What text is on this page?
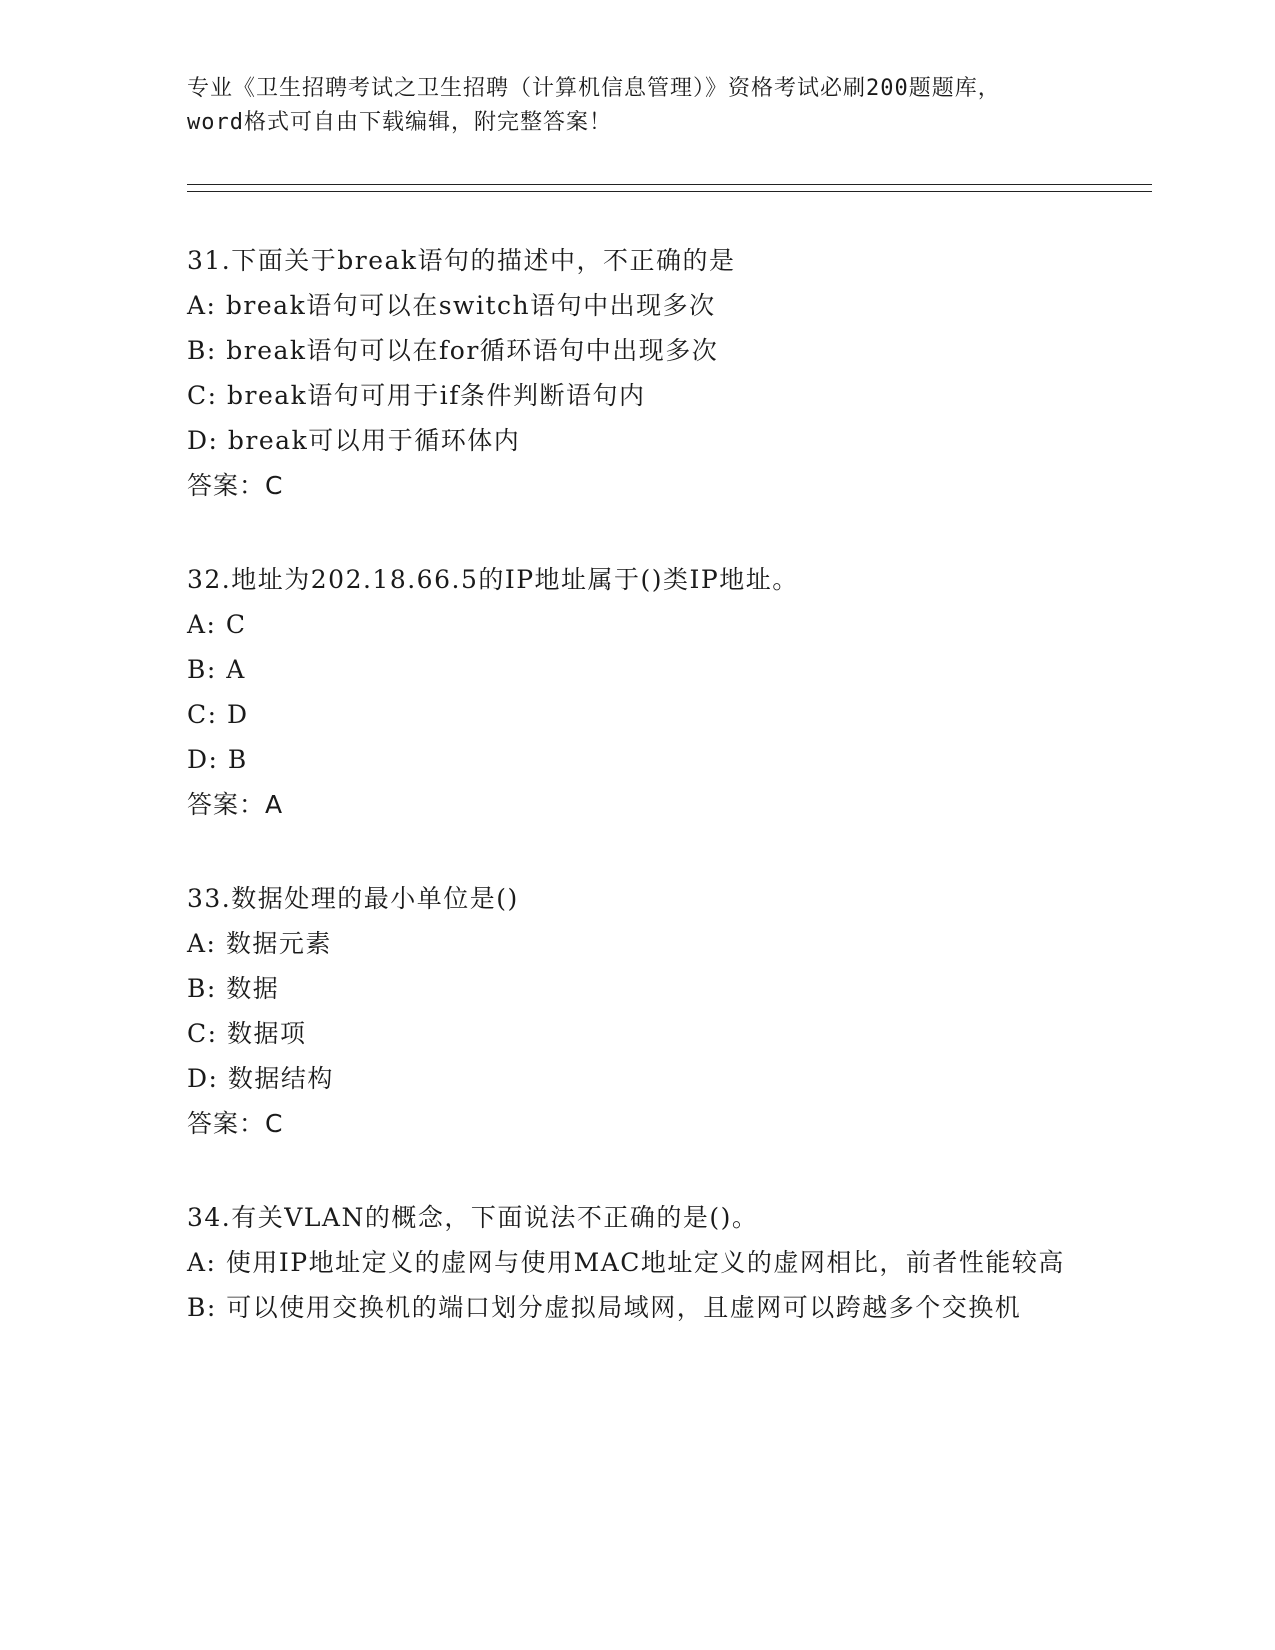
专业《卫生招聘考试之卫生招聘（计算机信息管理）》资格考试必刷200题题库，
word格式可自由下载编辑，附完整答案！

31.下面关于break语句的描述中，不正确的是

A: break语句可以在switch语句中出现多次

B: break语句可以在for循环语句中出现多次

C: break语句可用于if条件判断语句内

D: break可以用于循环体内

答案：C

32.地址为202.18.66.5的IP地址属于()类IP地址。

A: C

B: A

C: D

D: B

答案：A

33.数据处理的最小单位是()

A: 数据元素

B: 数据

C: 数据项

D: 数据结构

答案：C

34.有关VLAN的概念，下面说法不正确的是()。

A: 使用IP地址定义的虚网与使用MAC地址定义的虚网相比，前者性能较高

B: 可以使用交换机的端口划分虚拟局域网，且虚网可以跨越多个交换机
